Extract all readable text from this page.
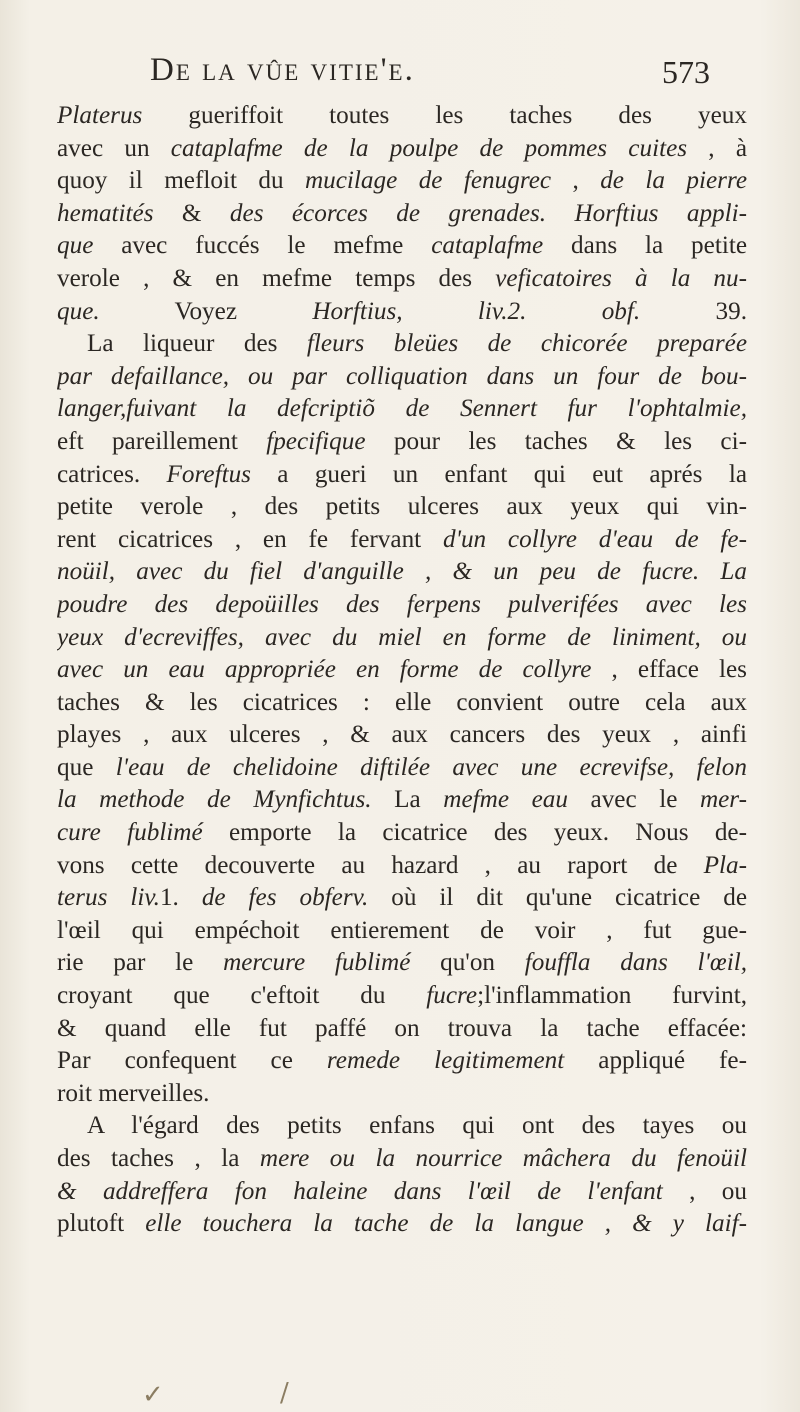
De la vûe vitie'e.	573
Platerus gueriffoit toutes les taches des yeux
avec un cataplafme de la poulpe de pommes cuites , à
quoy il mefloit du mucilage de fenugrec , de la pierre
hematités & des écorces de grenades. Horftius appli-
que avec fuccés le mefme cataplafme dans la petite
verole , & en mefme temps des veficatoires à la nu-
que. Voyez Horftius, liv.2. obf. 39.
La liqueur des fleurs bleües de chicorée preparée
par defaillance, ou par colliquation dans un four de bou-
langer,fuivant la defcriptiõ de Sennert fur l'ophtalmie,
eft pareillement fpecifique pour les taches & les ci-
catrices. Foreftus a gueri un enfant qui eut aprés la
petite verole , des petits ulceres aux yeux qui vin-
rent cicatrices , en fe fervant d'un collyre d'eau de fe-
noüil, avec du fiel d'anguille , & un peu de fucre. La
poudre des depoüilles des ferpens pulverifées avec les
yeux d'ecreviffes, avec du miel en forme de liniment, ou
avec un eau appropriée en forme de collyre , efface les
taches & les cicatrices : elle convient outre cela aux
playes , aux ulceres , & aux cancers des yeux , ainfi
que l'eau de chelidoine diftilée avec une ecrevifse, felon
la methode de Mynfichtus. La mefme eau avec le mer-
cure fublimé emporte la cicatrice des yeux. Nous de-
vons cette decouverte au hazard , au raport de Pla-
terus liv.1. de fes obferv. où il dit qu'une cicatrice de
l'œil qui empéchoit entierement de voir , fut gue-
rie par le mercure fublimé qu'on fouffla dans l'œil,
croyant que c'eftoit du fucre;l'inflammation furvint,
& quand elle fut paffé on trouva la tache effacée:
Par confequent ce remede legitimement appliqué fe-
roit merveilles.
A l'égard des petits enfans qui ont des tayes ou
des taches , la mere ou la nourrice mâchera du fenoüil
& addreffera fon haleine dans l'œil de l'enfant , ou
plutoft elle touchera la tache de la langue , & y laif-
✓	/
